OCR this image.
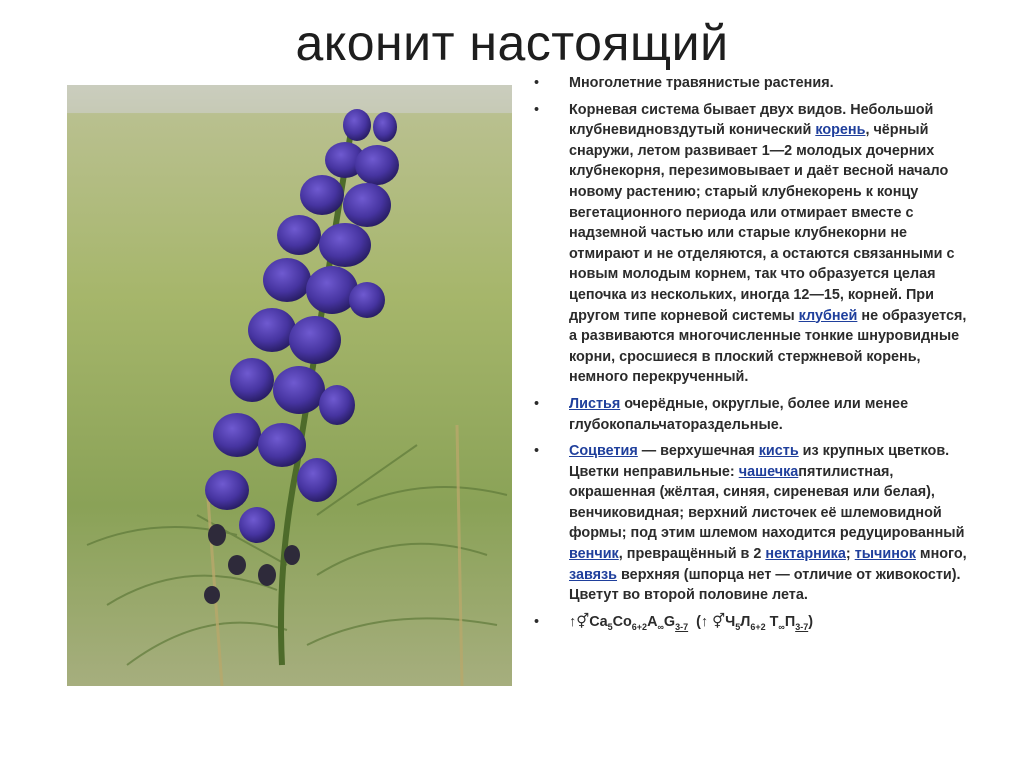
аконит настоящий
• Многолетние травянистые растения.
• Корневая система бывает двух видов. Небольшой клубневидновздутый конический корень, чёрный снаружи, летом развивает 1—2 молодых дочерних клубнекорня, перезимовывает и даёт весной начало новому растению; старый клубнекорень к концу вегетационного периода или отмирает вместе с надземной частью или старые клубнекорни не отмирают и не отделяются, а остаются связанными с новым молодым корнем, так что образуется целая цепочка из нескольких, иногда 12—15, корней. При другом типе корневой системы клубней не образуется, а развиваются многочисленные тонкие шнуровидные корни, сросшиеся в плоский стержневой корень, немного перекрученный.
• Листья очерёдные, округлые, более или менее глубокопальчатораздельные.
• Соцветия — верхушечная кисть из крупных цветков. Цветки неправильные: чашечкапятилистная, окрашенная (жёлтая, синяя, сиреневая или белая), венчиковидная; верхний листочек её шлемовидной формы; под этим шлемом находится редуцированный венчик, превращённый в 2 нектарника; тычинок много, завязь верхняя (шпорца нет — отличие от живокости). Цветут во второй половине лета.
• $↑⚥Ca_5Co_{6+2}A_\infty G_{3-7}$ (↑ $⚥Ч_5Л_{6+2}$ $Т_\infty П_{3-7}$)
